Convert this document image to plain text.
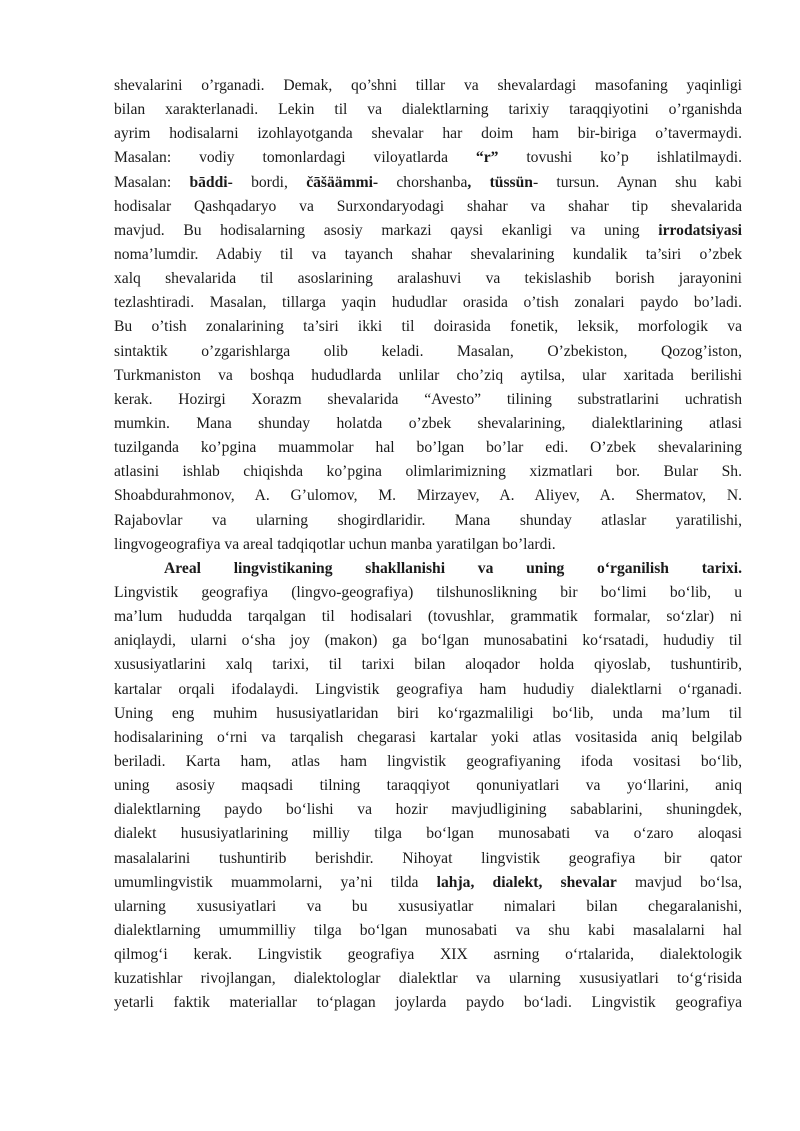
shevalarini o’rganadi. Demak, qo’shni tillar va shevalardagi masofaning yaqinligi
bilan xarakterlanadi. Lekin til va dialektlarning tarixiy taraqqiyotini o’rganishda
ayrim hodisalarni izohlayotganda shevalar har doim ham bir-biriga o’tavermaydi.
Masalan: vodiy tomonlardagi viloyatlarda “r” tovushi ko’p ishlatilmaydi.
Masalan: bāddi- bordi, čāšäämmi- chorshanba, tüssün- tursun. Aynan shu kabi
hodisalar Qashqadaryo va Surxondaryodagi shahar va shahar tip shevalarida
mavjud. Bu hodisalarning asosiy markazi qaysi ekanligi va uning irrodatsiyasi
noma’lumdir. Adabiy til va tayanch shahar shevalarining kundalik ta’siri o’zbek
xalq shevalarida til asoslarining aralashuvi va tekislashib borish jarayonini
tezlashtiradi. Masalan, tillarga yaqin hududlar orasida o’tish zonalari paydo bo’ladi.
Bu o’tish zonalarining ta’siri ikki til doirasida fonetik, leksik, morfologik va
sintaktik o’zgarishlarga olib keladi. Masalan, O’zbekiston, Qozog’iston,
Turkmaniston va boshqa hududlarda unlilar cho’ziq aytilsa, ular xaritada berilishi
kerak. Hozirgi Xorazm shevalarida “Avesto” tilining substratlarini uchratish
mumkin. Mana shunday holatda o’zbek shevalarining, dialektlarining atlasi
tuzilganda ko’pgina muammolar hal bo’lgan bo’lar edi. O’zbek shevalarining
atlasini ishlab chiqishda ko’pgina olimlarimizning xizmatlari bor. Bular Sh.
Shoabdurahmonov, A. G’ulomov, M. Mirzayev, A. Aliyev, A. Shermatov, N.
Rajabovlar va ularning shogirdlaridir. Mana shunday atlaslar yaratilishi,
lingvogeografiya va areal tadqiqotlar uchun manba yaratilgan bo’lardi.
Areal lingvistikaning shakllanishi va uning o‘rganilish tarixi.
Lingvistik geografiya (lingvo-geografiya) tilshunoslikning bir bo‘limi bo‘lib, u
ma’lum hududda tarqalgan til hodisalari (tovushlar, grammatik formalar, so‘zlar) ni
aniqlaydi, ularni o‘sha joy (makon) ga bo‘lgan munosabatini ko‘rsatadi, hududiy til
xususiyatlarini xalq tarixi, til tarixi bilan aloqador holda qiyoslab, tushuntirib,
kartalar orqali ifodalaydi. Lingvistik geografiya ham hududiy dialektlarni o‘rganadi.
Uning eng muhim hususiyatlaridan biri ko‘rgazmaliligi bo‘lib, unda ma’lum til
hodisalarining o‘rni va tarqalish chegarasi kartalar yoki atlas vositasida aniq belgilab
beriladi. Karta ham, atlas ham lingvistik geografiyaning ifoda vositasi bo‘lib,
uning asosiy maqsadi tilning taraqqiyot qonuniyatlari va yo‘llarini, aniq
dialektlarning paydo bo‘lishi va hozir mavjudligining sabablarini, shuningdek,
dialekt hususiyatlarining milliy tilga bo‘lgan munosabati va o‘zaro aloqasi
masalalarini tushuntirib berishdir. Nihoyat lingvistik geografiya bir qator
umumlingvistik muammolarni, ya’ni tilda lahja, dialekt, shevalar mavjud bo‘lsa,
ularning xususiyatlari va bu xususiyatlar nimalari bilan chegaralanishi,
dialektlarning umummilliy tilga bo‘lgan munosabati va shu kabi masalalarni hal
qilmog‘i kerak. Lingvistik geografiya XIX asrning o‘rtalarida, dialektologik
kuzatishlar rivojlangan, dialektologlar dialektlar va ularning xususiyatlari to‘g‘risida
yetarli faktik materiallar to‘plagan joylarda paydo bo‘ladi. Lingvistik geografiya
